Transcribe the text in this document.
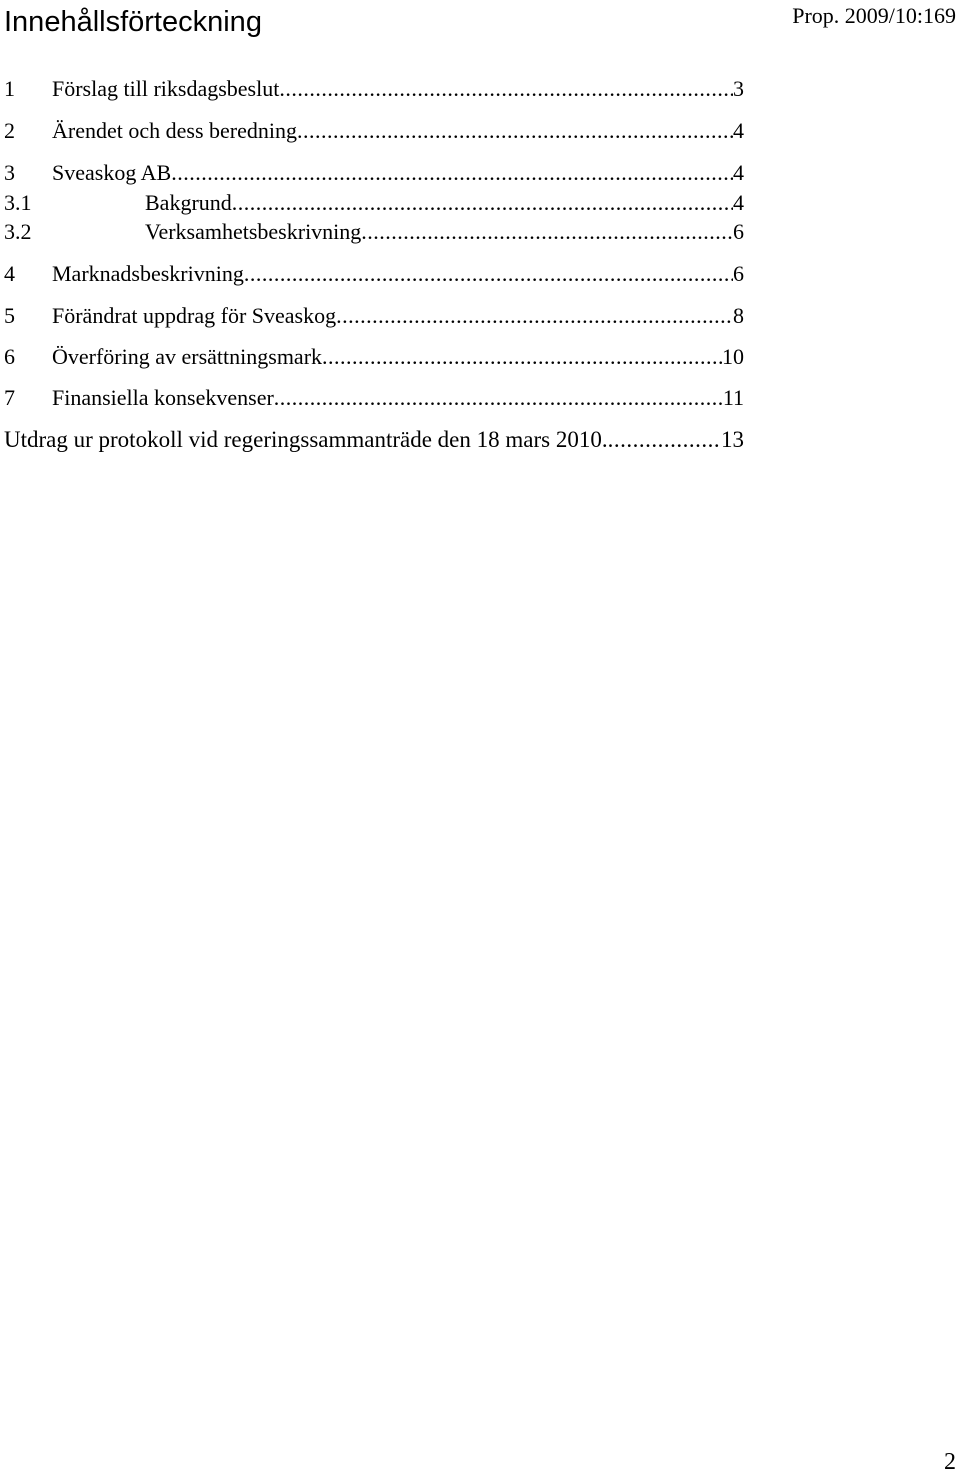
Innehållsförteckning	Prop. 2009/10:169
1	Förslag till riksdagsbeslut .....	3
2	Ärendet och dess beredning .....	4
3	Sveaskog AB .....	4
3.1	Bakgrund .....	4
3.2	Verksamhetsbeskrivning .....	6
4	Marknadsbeskrivning .....	6
5	Förändrat uppdrag för Sveaskog .....	8
6	Överföring av ersättningsmark .....	10
7	Finansiella konsekvenser .....	11
Utdrag ur protokoll vid regeringssammanträde den 18 mars 2010. .....	13
2
